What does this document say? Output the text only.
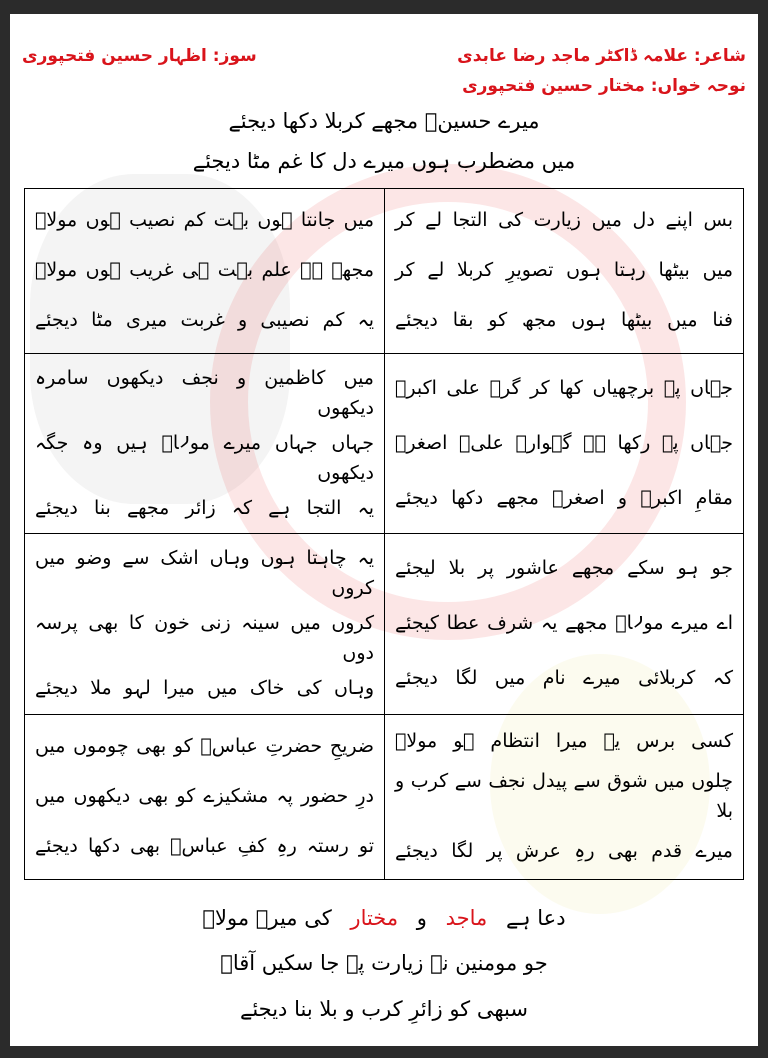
شاعر: علامہ ڈاکٹر ماجد رضا عابدی
سوز: اظہار حسین فتحپوری
نوحہ خواں: مختار حسین فتحپوری
میرے حسینؑ مجھے کربلا دکھا دیجئے
میں مضطرب ہوں میرے دل کا غم مٹا دیجئے
بس اپنے دل میں زیارت کی التجا لے کر
میں بیٹھا رہتا ہوں تصویرِ کربلا لے کر
فنا میں بیٹھا ہوں مجھ کو بقا دیجئے
میں جانتا ہوں بہت کم نصیب ہوں مولاؑ
مجھے ہے علم بہت ہی غریب ہوں مولاؑ
یہ کم نصیبی و غربت میری مٹا دیجئے
جہاں پہ برچھیاں کھا کر گرے علی اکبرؑ
جہاں پہ رکھا ہے گہوارۂ علیؑ اصغرؑ
مقامِ اکبرؑ و اصغرؑ مجھے دکھا دیجئے
میں کاظمین و نجف دیکھوں سامرہ دیکھوں
جہاں جہاں میرے مولاؑ ہیں وہ جگہ دیکھوں
یہ التجا ہے کہ زائر مجھے بنا دیجئے
جو ہو سکے مجھے عاشور پر بلا لیجئے
اے میرے مولاؑ مجھے یہ شرف عطا کیجئے
کہ کربلائی میرے نام میں لگا دیجئے
یہ چاہتا ہوں وہاں اشک سے وضو میں کروں
کروں میں سینہ زنی خون کا بھی پرسہ دوں
وہاں کی خاک میں میرا لہو ملا دیجئے
کسی برس یہ میرا انتظام ہو مولاؑ
چلوں میں شوق سے پیدل نجف سے کرب و بلا
میرے قدم بھی رہِ عرش پر لگا دیجئے
ضریحِ حضرتِ عباسؑ کو بھی چوموں میں
درِ حضور پہ مشکیزے کو بھی دیکھوں میں
تو رستہ رہِ کفِ عباسؑ بھی دکھا دیجئے
دعا ہے ماجد و مختار کی میرے مولاؑ
جو مومنین نہ زیارت پہ جا سکیں آقاؑ
سبھی کو زائرِ کرب و بلا بنا دیجئے
